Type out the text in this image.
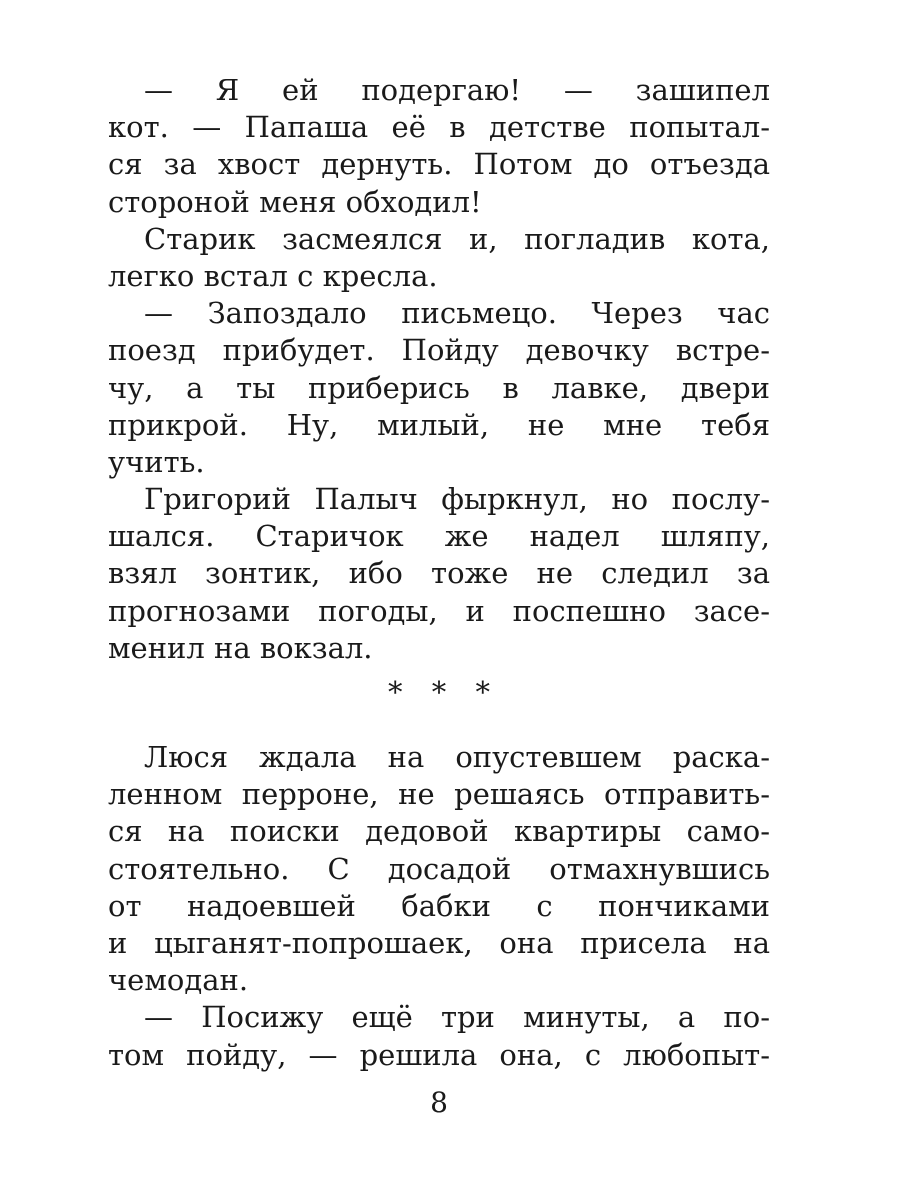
— Я ей подергаю! — зашипел
кот. — Папаша её в детстве попытал-
ся за хвост дернуть. Потом до отъезда
стороной меня обходил!
Старик засмеялся и, погладив кота,
легко встал с кресла.
— Запоздало письмецо. Через час
поезд прибудет. Пойду девочку встре-
чу, а ты приберись в лавке, двери
прикрой. Ну, милый, не мне тебя
учить.
Григорий Палыч фыркнул, но послу-
шался. Старичок же надел шляпу,
взял зонтик, ибо тоже не следил за
прогнозами погоды, и поспешно засе-
менил на вокзал.
* * *
Люся ждала на опустевшем раска-
ленном перроне, не решаясь отправить-
ся на поиски дедовой квартиры само-
стоятельно. С досадой отмахнувшись
от надоевшей бабки с пончиками
и цыганят-попрошаек, она присела на
чемодан.
— Посижу ещё три минуты, а по-
том пойду, — решила она, с любопыт-
8
